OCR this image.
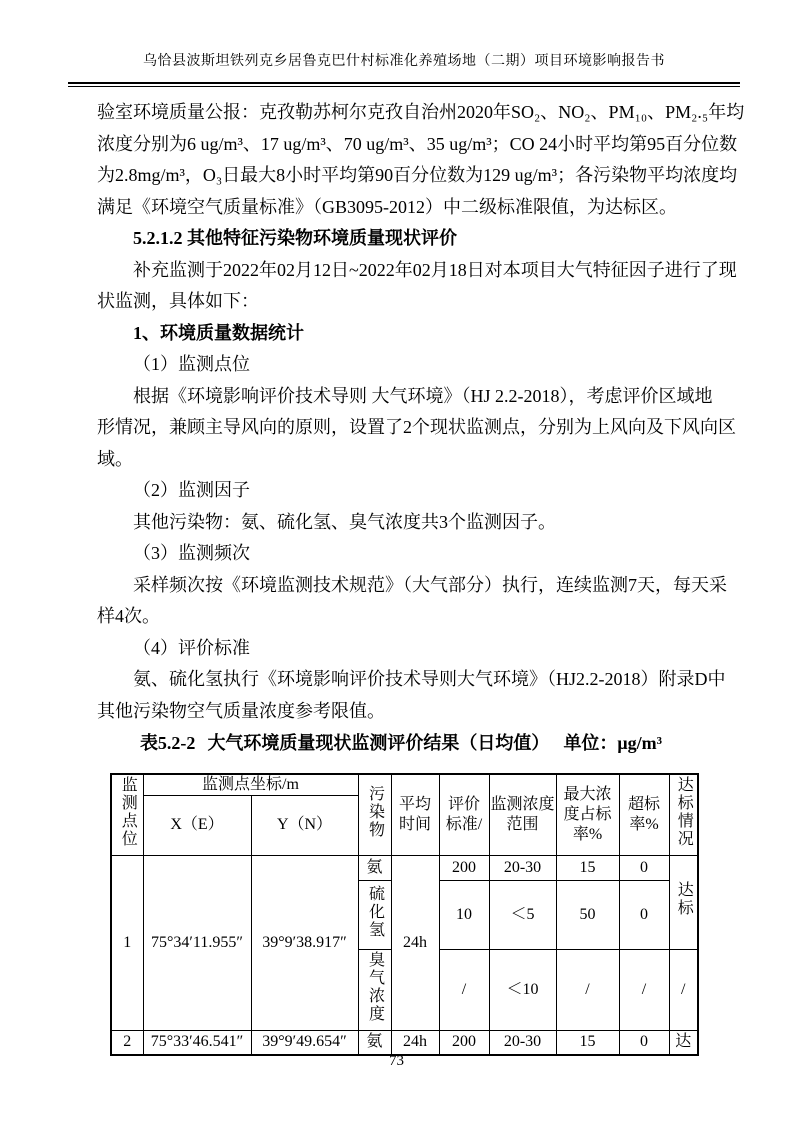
乌恰县波斯坦铁列克乡居鲁克巴什村标准化养殖场地（二期）项目环境影响报告书
验室环境质量公报：克孜勒苏柯尔克孜自治州2020年SO₂、NO₂、PM₁₀、PM₂.₅年均
浓度分别为6 ug/m³、17 ug/m³、70 ug/m³、35 ug/m³；CO 24小时平均第95百分位数
为2.8mg/m³，O₃日最大8小时平均第90百分位数为129 ug/m³；各污染物平均浓度均
满足《环境空气质量标准》（GB3095-2012）中二级标准限值，为达标区。
5.2.1.2 其他特征污染物环境质量现状评价
补充监测于2022年02月12日~2022年02月18日对本项目大气特征因子进行了现
状监测，具体如下：
1、环境质量数据统计
（1）监测点位
根据《环境影响评价技术导则 大气环境》（HJ 2.2-2018），考虑评价区域地
形情况，兼顾主导风向的原则，设置了2个现状监测点，分别为上风向及下风向区
域。
（2）监测因子
其他污染物：氨、硫化氢、臭气浓度共3个监测因子。
（3）监测频次
采样频次按《环境监测技术规范》（大气部分）执行，连续监测7天，每天采
样4次。
（4）评价标准
氨、硫化氢执行《环境影响评价技术导则大气环境》（HJ2.2-2018）附录D中
其他污染物空气质量浓度参考限值。
表5.2-2 大气环境质量现状监测评价结果（日均值） 单位：μg/m³
监测点位	监测点坐标/m		污染物	平均时间	评价标准/	监测浓度范围	最大浓度占标率%	超标率%	达标情况
	X（E）	Y（N）							
1	75°34′11.955″	39°9′38.917″	氨	24h	200	20-30	15	0	达标
			硫化氢		10	＜5	50	0	
			臭气浓度		/	＜10	/	/	/
2	75°33′46.541″	39°9′49.654″	氨	24h	200	20-30	15	0	达
73
